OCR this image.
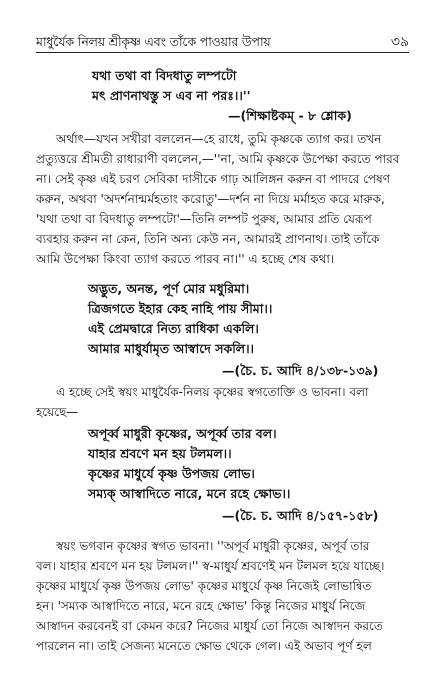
মাধুর্যৈক নিলয় শ্রীকৃষ্ণ এবং তাঁকে পাওয়ার উপায়	৩৯
যথা তথা বা বিদধাতু লম্পটো
মৎ প্রাণনাথস্তু স এব না পরঃ।।''
—(শিক্ষাষ্টকম্ - ৮ শ্লোক)
অর্থাৎ—যখন সখীরা বললেন—হে রাধে, তুমি কৃষ্ণকে ত্যাগ কর। তখন
প্রত্যুত্তরে শ্রীমতী রাধারাণী বললেন,—''না, আমি কৃষ্ণকে উপেক্ষা করতে পারব
না। সেই কৃষ্ণ এই চরণ সেবিকা দাসীকে গাঢ় আলিঙ্গন করুন বা পাদরে পেষণ
করুন, অথবা 'অদর্শনান্মর্মহতাং করোতু'—দর্শন না দিয়ে মর্মাহত করে মারুক,
'যথা তথা বা বিদধাতু লম্পটো'—তিনি লম্পট পুরুষ, আমার প্রতি যেরূপ
ব্যবহার করুন না কেন, তিনি অন্য কেউ নন, আমারই প্রাণনাথ। তাই তাঁকে
আমি উপেক্ষা কিংবা ত্যাগ করতে পারব না।'' এ হচ্ছে শেষ কথা।
অদ্ভুত, অনন্ত, পূর্ণ মোর মধুরিমা।
ত্রিজগতে ইহার কেহ নাহি পায় সীমা।।
এই প্রেমদ্বারে নিত্য রাধিকা একলি।
আমার মাধুর্যামৃত আস্বাদে সকলি।।
—(চৈ. চ. আদি ৪/১৩৮-১৩৯)
এ হচ্ছে সেই স্বয়ং মাধুর্যৈক-নিলয় কৃষ্ণের স্বগতোক্তি ও ভাবনা। বলা
হয়েছে—
অপূর্ব্ব মাধুরী কৃষ্ণের, অপূর্ব্ব তার বল।
যাহার শ্রবণে মন হয় টলমল।।
কৃষ্ণের মাধুর্যে কৃষ্ণ উপজয় লোভ।
সম্যক্ আস্বাদিতে নারে, মনে রহে ক্ষোভ।।
—(চৈ. চ. আদি ৪/১৫৭-১৫৮)
স্বয়ং ভগবান কৃষ্ণের স্বগত ভাবনা। ''অপূর্ব মাধুরী কৃষ্ণের, অপূর্ব তার
বল। যাহার শ্রবণে মন হয় টলমল।'' স্ব-মাধুর্য শ্রবণেই মন টলমল হয়ে যাচ্ছে।
কৃষ্ণের মাধুর্যে কৃষ্ণ উপজয় লোভ' কৃষ্ণের মাধুর্যে কৃষ্ণ নিজেই লোভান্বিত
হন। 'সম্যক আস্বাদিতে নারে, মনে রহে ক্ষোভ' কিন্তু নিজের মাধুর্য নিজে
আস্বাদন করবেনই বা কেমন করে? নিজের মাধুর্য তো নিজে আস্বাদন করতে
পারলেন না। তাই সেজন্য মনেতে ক্ষোভ থেকে গেল। এই অভাব পূর্ণ হল
